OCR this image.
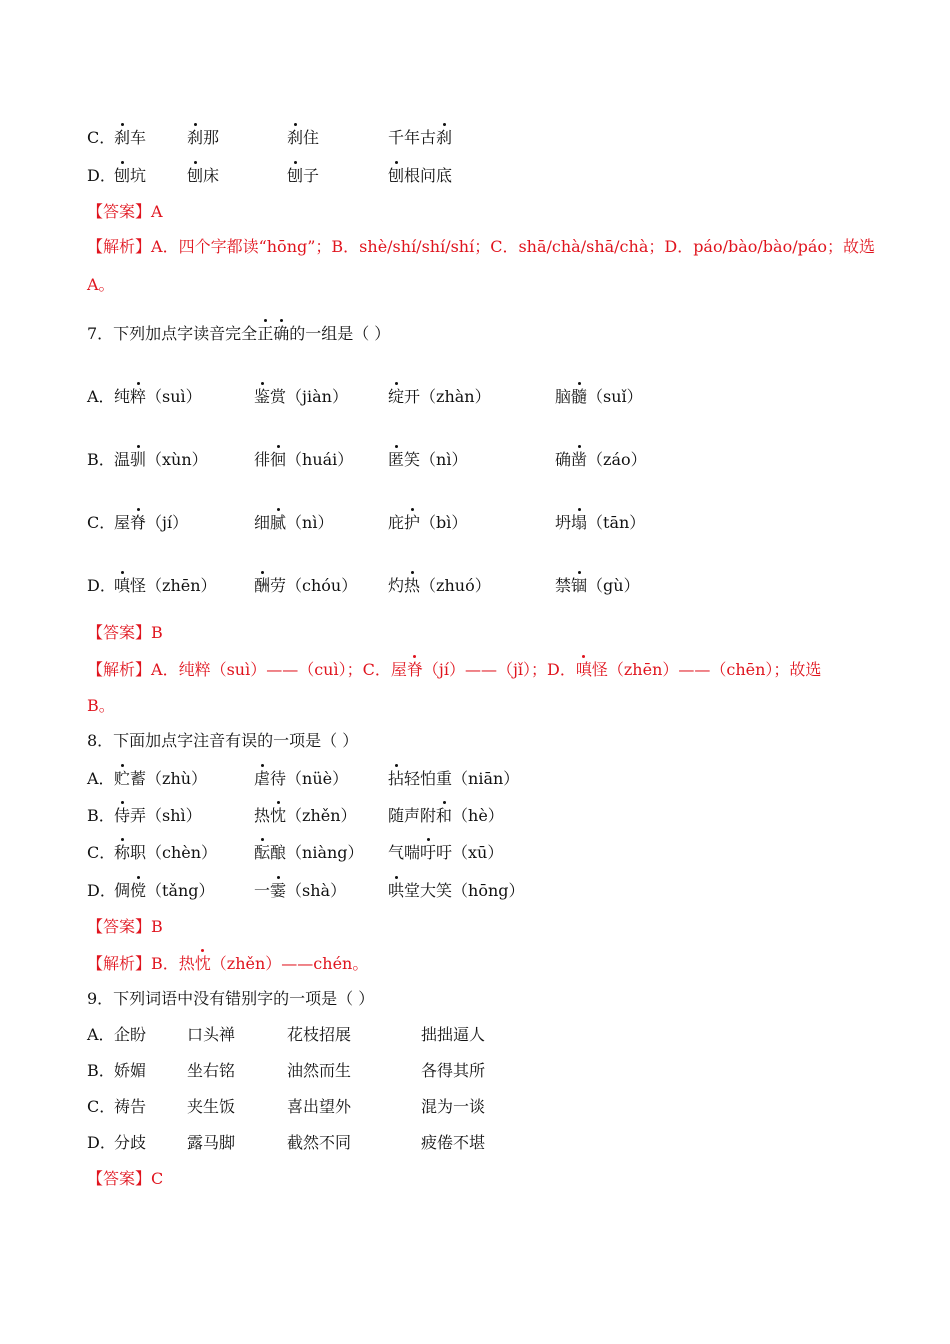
C．
刹车	刹那	刹住	千年古刹
D．
刨坑	刨床	刨子	刨根问底
【答案】A
【解析】A．四个字都读“hōng”；B．shè/shí/shí/shí；C．shā/chà/shā/chà；D．páo/bào/bào/páo；故选
A。
7．下列加点字读音完全正确的一组是（ ）
A． 纯粹（suì）	鉴赏（jiàn）	绽开（zhàn）	脑髓（suǐ）
B． 温驯（xùn）	徘徊（huái） 匿笑（nì）	确凿（záo）
C．
屋脊（jí）	细腻（nì）	庇护（bì）	坍塌（tān）
D．
嗔怪（zhēn） 酬劳（chóu） 灼热（zhuó）	禁锢（gù）
【答案】B
【解析】A．纯粹（suì）——（cuì）；C．屋脊（jí）——（jǐ）；D．嗔怪（zhēn）——（chēn）；故选
B。
8．下面加点字注音有误的一项是（ ）
A． 贮蓄（zhù）	虐待（nüè） 拈轻怕重（niān）
B． 侍弄（shì）	热忱（zhěn） 随声附和（hè）
C．
称职（chèn） 酝酿（niàng） 气喘吁吁（xū）
D．
倜傥（tǎng） 一霎（shà）	哄堂大笑（hōng）
【答案】B
【解析】B．热忱（zhěn）——chén。
9．下列词语中没有错别字的一项是（ ）
A． 企盼	口头禅	花枝招展	拙拙逼人
B． 娇媚	坐右铭	油然而生	各得其所
C．
祷告	夹生饭	喜出望外	混为一谈
D．
分歧	露马脚	截然不同	疲倦不堪
【答案】C
